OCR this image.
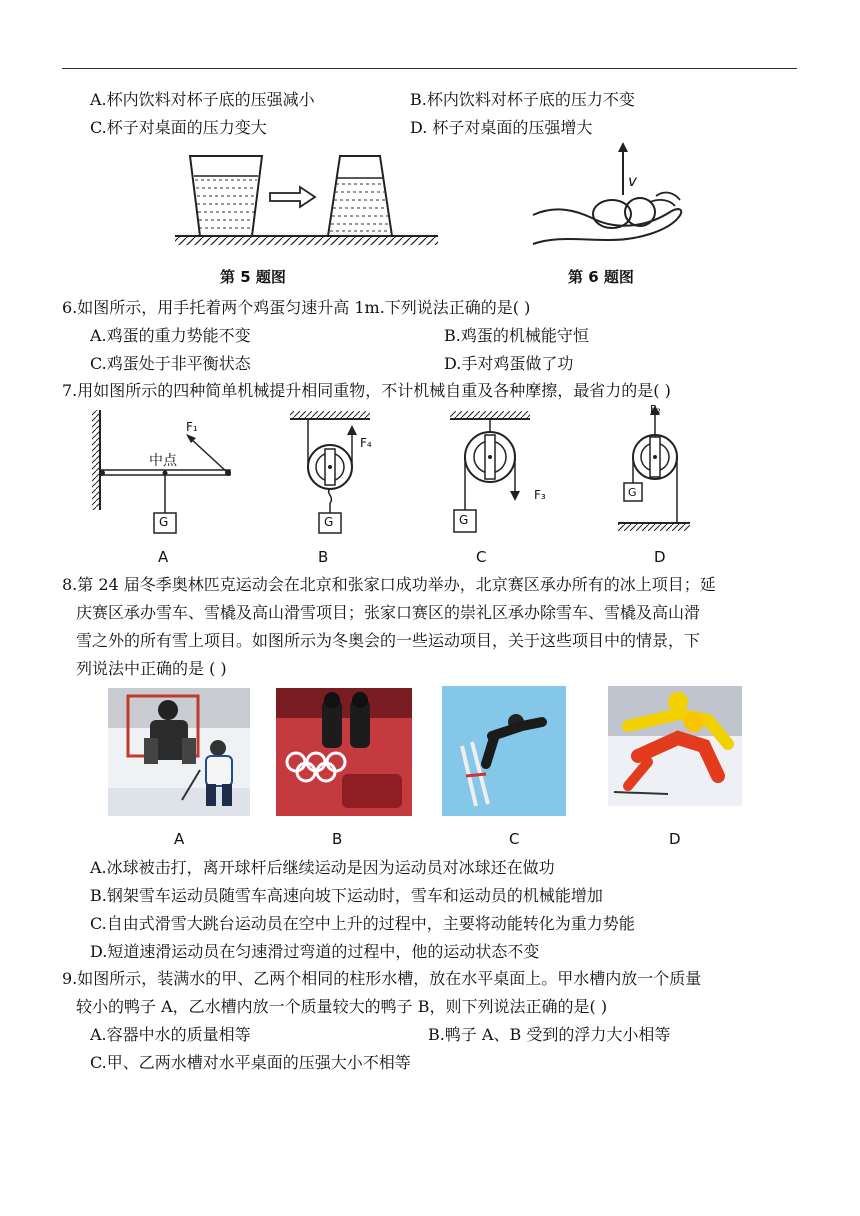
A.杯内饮料对杯子底的压强减小	B.杯内饮料对杯子底的压力不变
C.杯子对桌面的压力变大	D. 杯子对桌面的压强增大
第 5 题图
v
第 6 题图
6.如图所示，用手托着两个鸡蛋匀速升高 1m.下列说法正确的是( )
A.鸡蛋的重力势能不变	B.鸡蛋的机械能守恒
C.鸡蛋处于非平衡状态	D.手对鸡蛋做了功
7.用如图所示的四种简单机械提升相同重物，不计机械自重及各种摩擦，最省力的是( )
中点
F₁
F₄
F₃
F₂
G	G	G
G
A	B	C	D
8.第 24 届冬季奥林匹克运动会在北京和张家口成功举办，北京赛区承办所有的冰上项目；延
庆赛区承办雪车、雪橇及高山滑雪项目；张家口赛区的崇礼区承办除雪车、雪橇及高山滑
雪之外的所有雪上项目。如图所示为冬奥会的一些运动项目，关于这些项目中的情景，下
列说法中正确的是 ( )
A	B	C	D
A.冰球被击打，离开球杆后继续运动是因为运动员对冰球还在做功
B.钢架雪车运动员随雪车高速向坡下运动时，雪车和运动员的机械能增加
C.自由式滑雪大跳台运动员在空中上升的过程中，主要将动能转化为重力势能
D.短道速滑运动员在匀速滑过弯道的过程中，他的运动状态不变
9.如图所示，装满水的甲、乙两个相同的柱形水槽，放在水平桌面上。甲水槽内放一个质量
较小的鸭子 A，乙水槽内放一个质量较大的鸭子 B，则下列说法正确的是( )
A.容器中水的质量相等	B.鸭子 A、B 受到的浮力大小相等
C.甲、乙两水槽对水平桌面的压强大小不相等
